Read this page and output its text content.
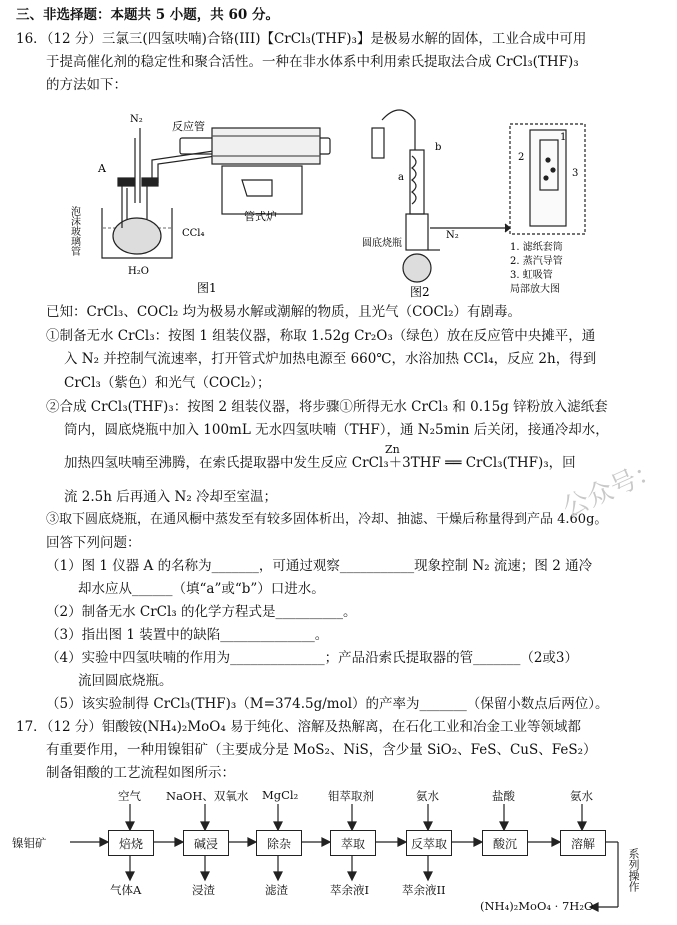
三、非选择题：本题共 5 小题，共 60 分。
16．（12 分）三氯三(四氢呋喃)合铬(III)【CrCl₃(THF)₃】是极易水解的固体，工业合成中可用
于提高催化剂的稳定性和聚合活性。一种在非水体系中利用索氏提取法合成 CrCl₃(THF)₃
的方法如下：
N₂
反应管
A
泡沫玻璃管	CCl₄
H₂O
管式炉
图1
b
a
圆底烧瓶
N₂
2
1
3
1. 滤纸套筒
2. 蒸汽导管
3. 虹吸管
局部放大图
图2
已知：CrCl₃、COCl₂ 均为极易水解或潮解的物质，且光气（COCl₂）有剧毒。
①制备无水 CrCl₃：按图 1 组装仪器，称取 1.52g Cr₂O₃（绿色）放在反应管中央摊平，通
入 N₂ 并控制气流速率，打开管式炉加热电源至 660℃，水浴加热 CCl₄，反应 2h，得到
CrCl₃（紫色）和光气（COCl₂）；
②合成 CrCl₃(THF)₃：按图 2 组装仪器，将步骤①所得无水 CrCl₃ 和 0.15g 锌粉放入滤纸套
筒内，圆底烧瓶中加入 100mL 无水四氢呋喃（THF），通 N₂5min 后关闭，接通冷却水，
Zn
加热四氢呋喃至沸腾，在索氏提取器中发生反应 CrCl₃＋3THF ══ CrCl₃(THF)₃，回
流 2.5h 后再通入 N₂ 冷却至室温；
③取下圆底烧瓶，在通风橱中蒸发至有较多固体析出，冷却、抽滤、干燥后称量得到产品 4.60g。
回答下列问题：
（1）图 1 仪器 A 的名称为_______，可通过观察___________现象控制 N₂ 流速；图 2 通冷
却水应从______（填“a”或“b”）口进水。
（2）制备无水 CrCl₃ 的化学方程式是__________。
（3）指出图 1 装置中的缺陷______________。
（4）实验中四氢呋喃的作用为______________；产品沿索氏提取器的管_______（2或3）
流回圆底烧瓶。
（5）该实验制得 CrCl₃(THF)₃（M=374.5g/mol）的产率为_______（保留小数点后两位）。
公众号：
17．（12 分）钼酸铵(NH₄)₂MoO₄ 易于纯化、溶解及热解离，在石化工业和冶金工业等领域都
有重要作用，一种用镍钼矿（主要成分是 MoS₂、NiS，含少量 SiO₂、FeS、CuS、FeS₂）
制备钼酸的工艺流程如图所示：
镍钼矿	焙烧	碱浸	除杂	萃取	反萃取	酸沉	溶解
空气 NaOH、双氧水 MgCl₂	钼萃取剂	氨水	盐酸	氨水
气体A	浸渣	滤渣	萃余液I	萃余液II	系列操作
(NH₄)₂MoO₄ · 7H₂O
